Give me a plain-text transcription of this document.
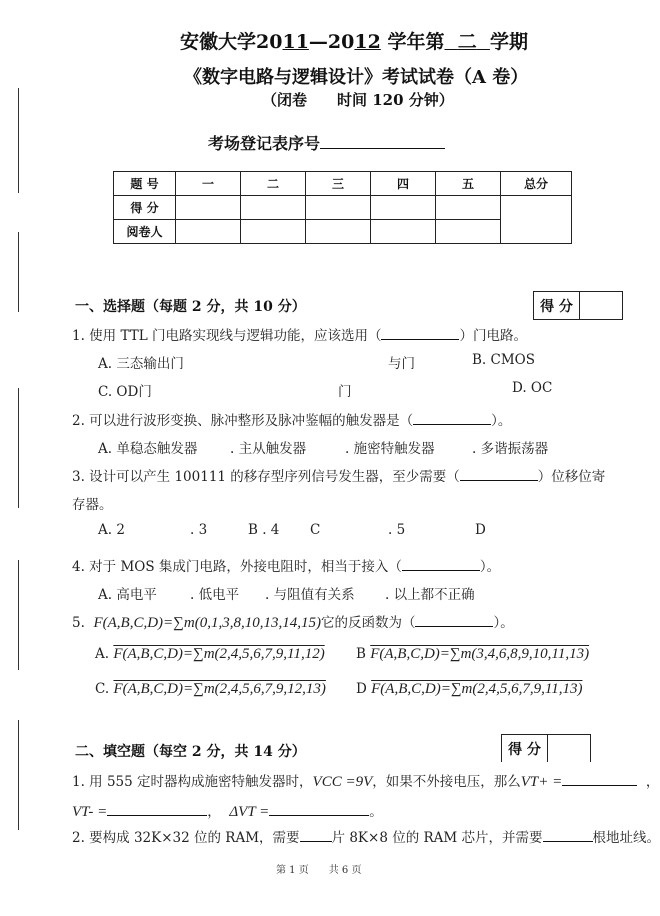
安徽大学2011—2012 学年第 二 学期
《数字电路与逻辑设计》考试试卷（A 卷）
（闭卷　　时间 120 分钟）
考场登记表序号
题 号	一	二	三	四	五	总分
得 分						
阅卷人						
一、选择题（每题 2 分，共 10 分）	得 分
1. 使用 TTL 门电路实现线与逻辑功能，应该选用（	）门电路。
A. 三态输出门	与门	B. CMOS
C. OD门	门	D. OC
2. 可以进行波形变换、脉冲整形及脉冲鉴幅的触发器是（	）。
A. 单稳态触发器 . 主从触发器	. 施密特触发器	. 多谐振荡器
3. 设计可以产生 100111 的移存型序列信号发生器，至少需要（	）位移位寄
存器。
A. 2	. 3	B . 4 C	. 5	D
4. 对于 MOS 集成门电路，外接电阻时，相当于接入（	）。
A. 高电平 . 低电平 . 与阻值有关系 . 以上都不正确
5. F(A,B,C,D)=∑m(0,1,3,8,10,13,14,15)它的反函数为（	）。
A. F(A,B,C,D)=∑m(2,4,5,6,7,9,11,12) B F(A,B,C,D)=∑m(3,4,6,8,9,10,11,13)
C. F(A,B,C,D)=∑m(2,4,5,6,7,9,12,13) D F(A,B,C,D)=∑m(2,4,5,6,7,9,11,13)
二、填空题（每空 2 分，共 14 分）	得 分
1. 用 555 定时器构成施密特触发器时，VCC =9V，如果不外接电压，那么VT+ =	，
VT- =	， ΔVT =	。
2. 要构成 32K×32 位的 RAM，需要 片 8K×8 位的 RAM 芯片，并需要	根地址线。
第 1 页　　共 6 页
